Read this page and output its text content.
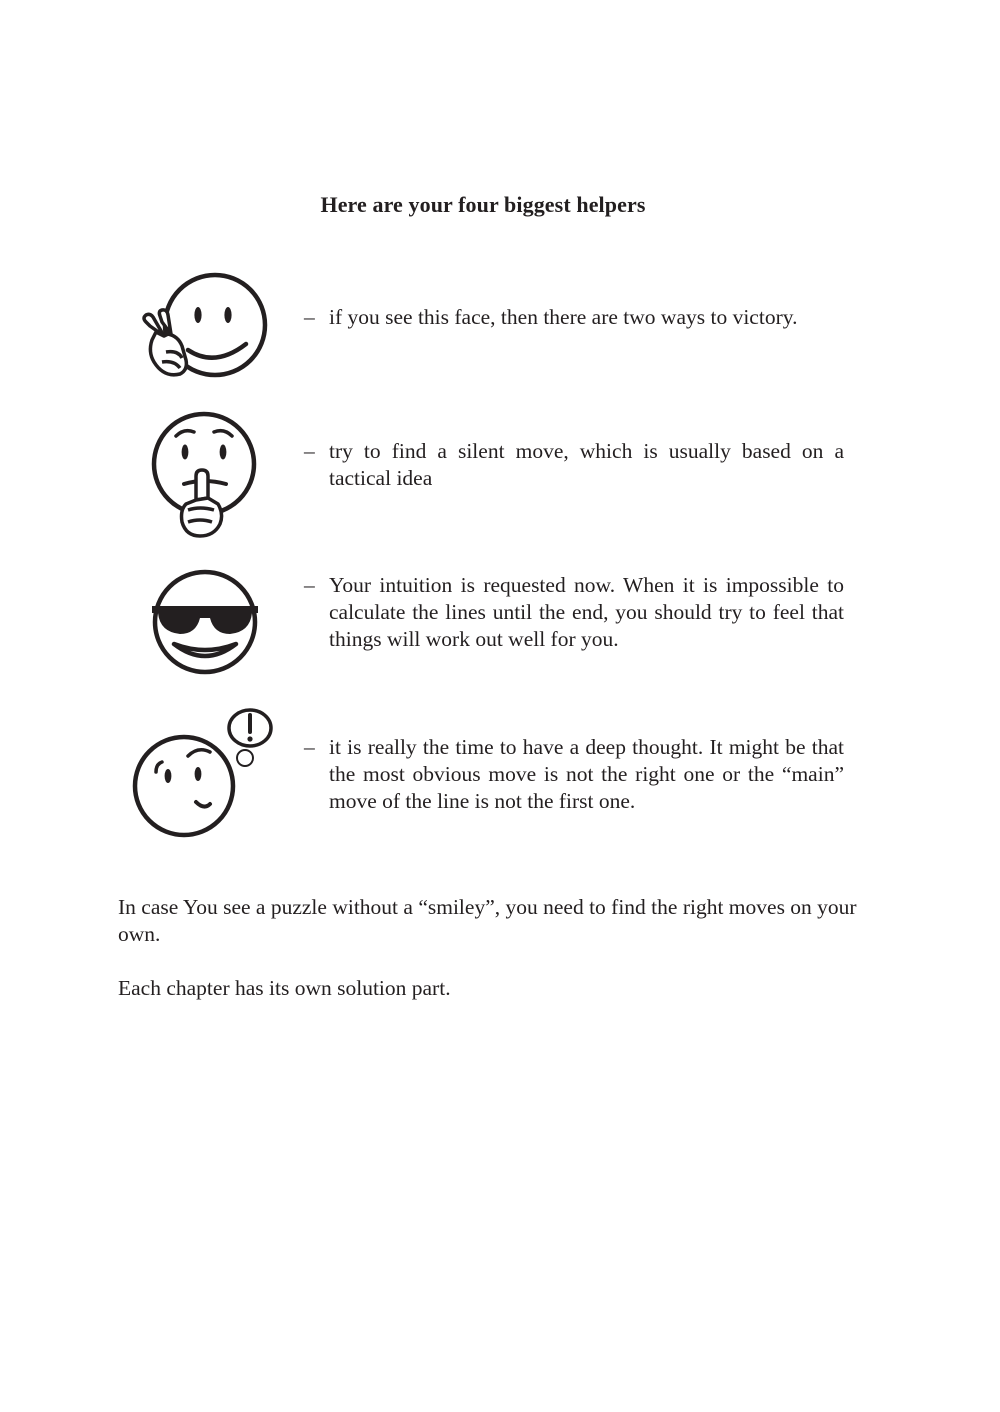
Here are your four biggest helpers
– if you see this face, then there are two ways to victory.
– try to find a silent move, which is usually based on a tactical idea
– Your intuition is requested now. When it is impossible to calculate the lines until the end, you should try to feel that things will work out well for you.
– it is really the time to have a deep thought. It might be that the most obvious move is not the right one or the “main” move of the line is not the first one.
In case You see a puzzle without a “smiley”, you need to find the right moves on your own.
Each chapter has its own solution part.
